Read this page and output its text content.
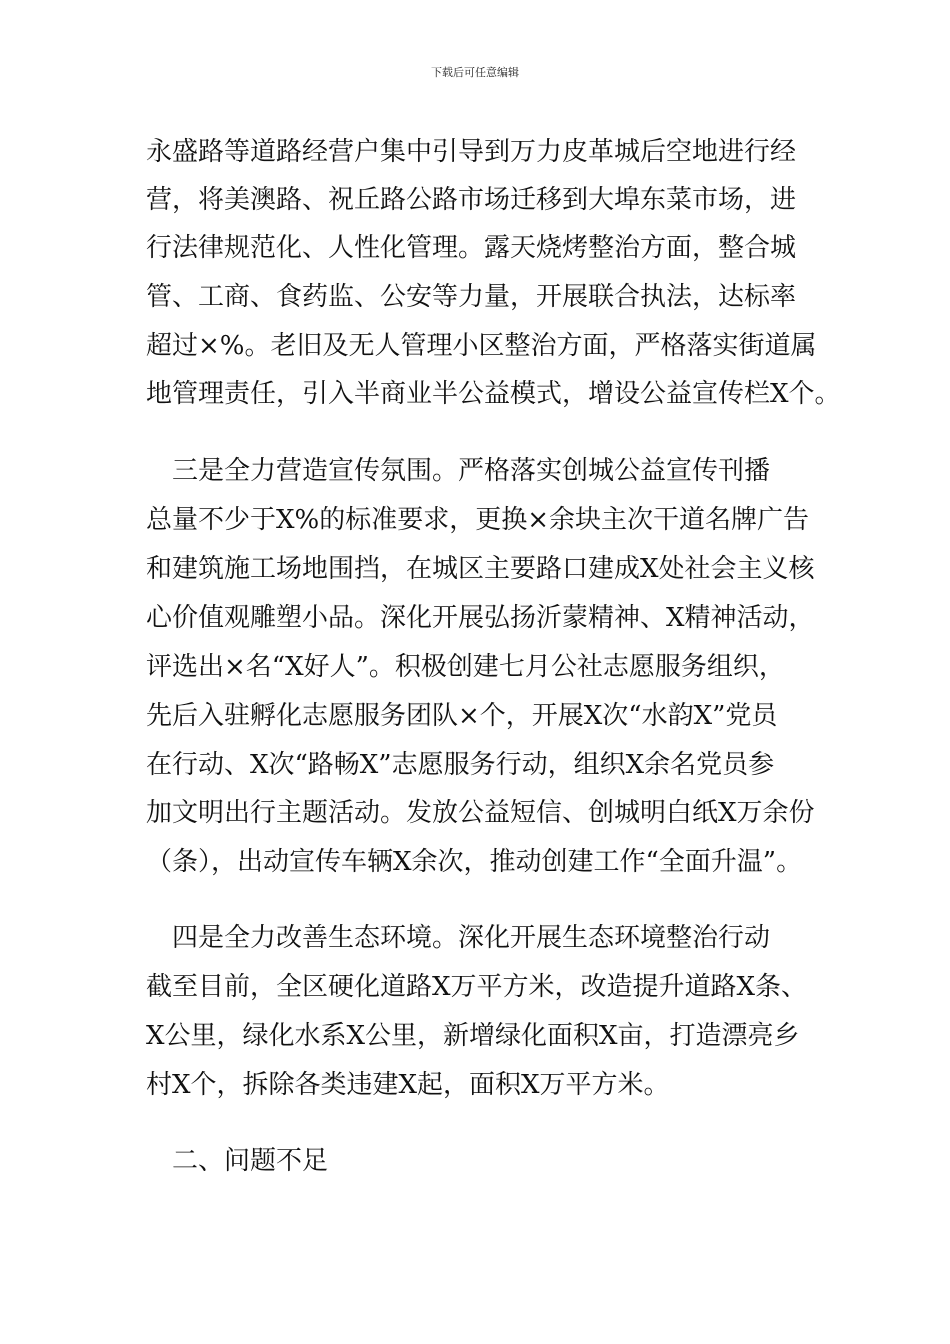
下载后可任意编辑
永盛路等道路经营户集中引导到万力皮革城后空地进行经
营，将美澳路、祝丘路公路市场迁移到大埠东菜市场，进
行法律规范化、人性化管理。露天烧烤整治方面，整合城
管、工商、食药监、公安等力量，开展联合执法，达标率
超过×%。老旧及无人管理小区整治方面，严格落实街道属
地管理责任，引入半商业半公益模式，增设公益宣传栏X个。
　三是全力营造宣传氛围。严格落实创城公益宣传刊播
总量不少于X%的标准要求，更换×余块主次干道名牌广告
和建筑施工场地围挡，在城区主要路口建成X处社会主义核
心价值观雕塑小品。深化开展弘扬沂蒙精神、X精神活动，
评选出×名“X好人”。积极创建七月公社志愿服务组织，
先后入驻孵化志愿服务团队×个，开展X次“水韵X”党员
在行动、X次“路畅X”志愿服务行动，组织X余名党员参
加文明出行主题活动。发放公益短信、创城明白纸X万余份
（条），出动宣传车辆X余次，推动创建工作“全面升温”。
　四是全力改善生态环境。深化开展生态环境整治行动
截至目前，全区硬化道路X万平方米，改造提升道路X条、
X公里，绿化水系X公里，新增绿化面积X亩，打造漂亮乡
村X个，拆除各类违建X起，面积X万平方米。
　二、问题不足
